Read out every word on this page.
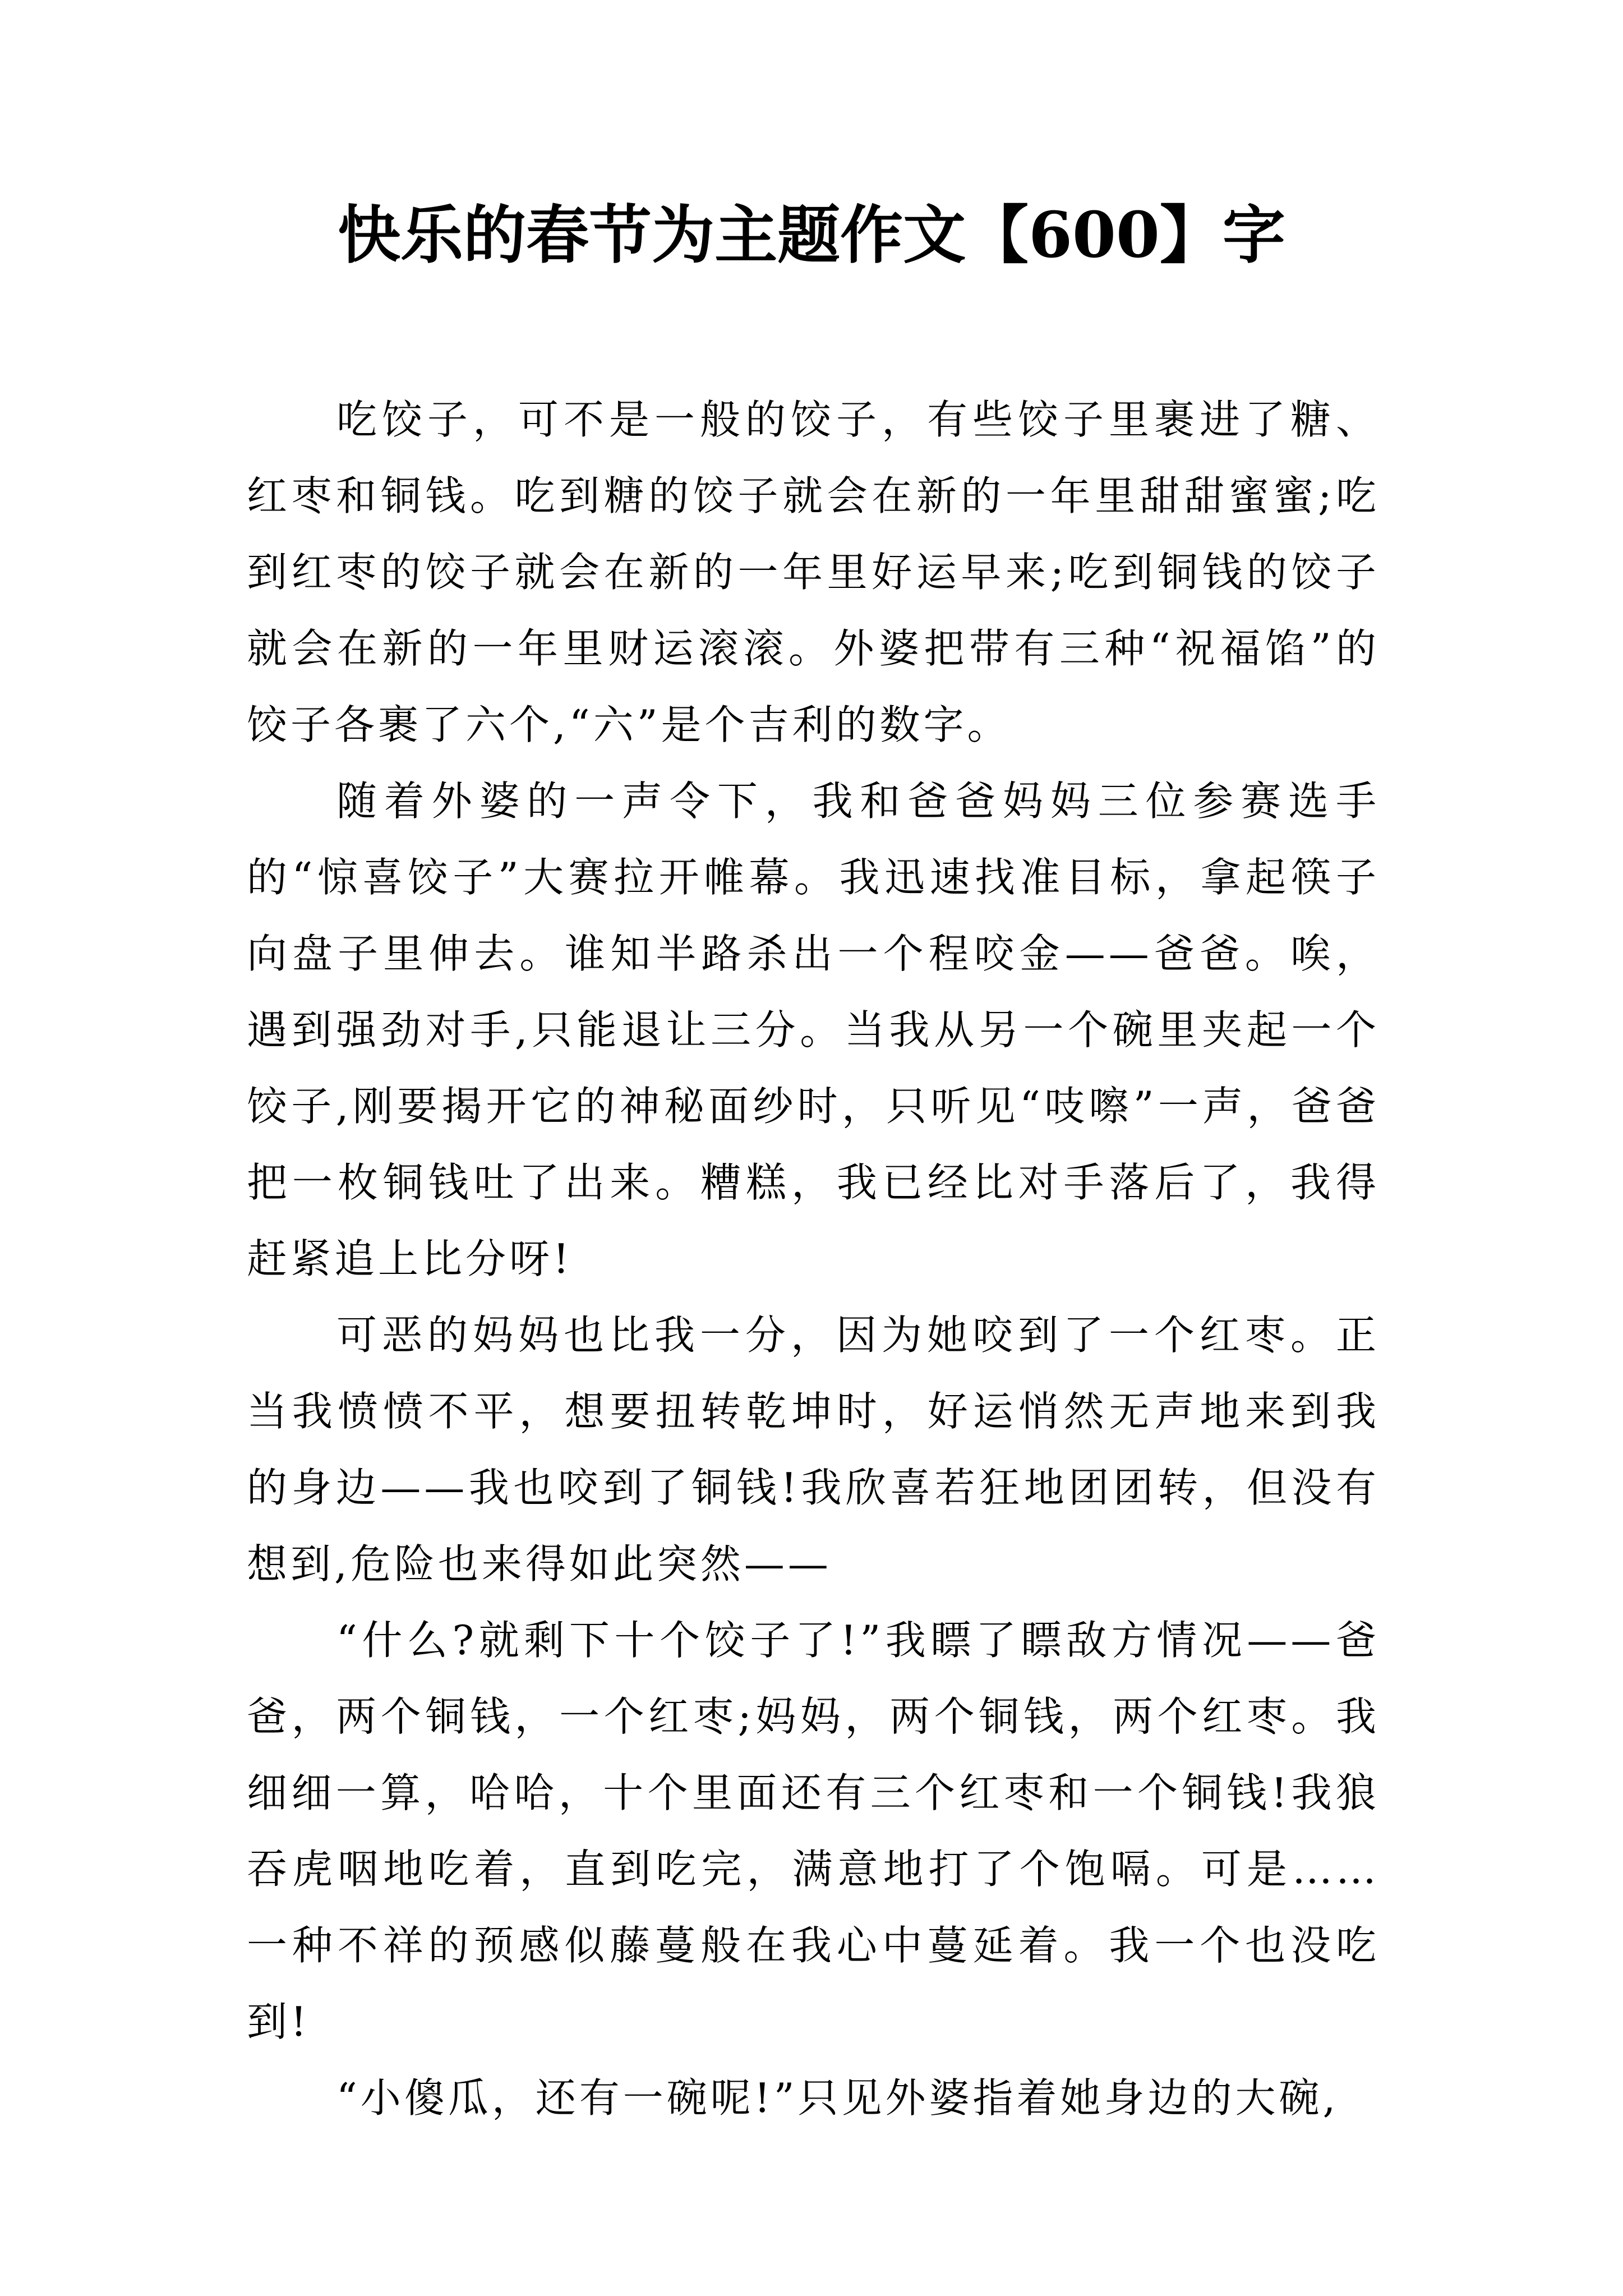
快乐的春节为主题作文【600】字

吃饺子，可不是一般的饺子，有些饺子里裹进了糖、红枣和铜钱。吃到糖的饺子就会在新的一年里甜甜蜜蜜;吃到红枣的饺子就会在新的一年里好运早来;吃到铜钱的饺子就会在新的一年里财运滚滚。外婆把带有三种“祝福馅”的饺子各裹了六个,“六”是个吉利的数字。

随着外婆的一声令下，我和爸爸妈妈三位参赛选手的“惊喜饺子”大赛拉开帷幕。我迅速找准目标，拿起筷子向盘子里伸去。谁知半路杀出一个程咬金——爸爸。唉，遇到强劲对手,只能退让三分。当我从另一个碗里夹起一个饺子,刚要揭开它的神秘面纱时，只听见“吱嚓”一声，爸爸把一枚铜钱吐了出来。糟糕，我已经比对手落后了，我得赶紧追上比分呀!

可恶的妈妈也比我一分，因为她咬到了一个红枣。正当我愤愤不平，想要扭转乾坤时，好运悄然无声地来到我的身边——我也咬到了铜钱!我欣喜若狂地团团转，但没有想到,危险也来得如此突然——

“什么?就剩下十个饺子了!”我瞟了瞟敌方情况——爸爸，两个铜钱，一个红枣;妈妈，两个铜钱，两个红枣。我细细一算，哈哈，十个里面还有三个红枣和一个铜钱!我狼吞虎咽地吃着，直到吃完，满意地打了个饱嗝。可是……一种不祥的预感似藤蔓般在我心中蔓延着。我一个也没吃到!

“小傻瓜，还有一碗呢!”只见外婆指着她身边的大碗,
